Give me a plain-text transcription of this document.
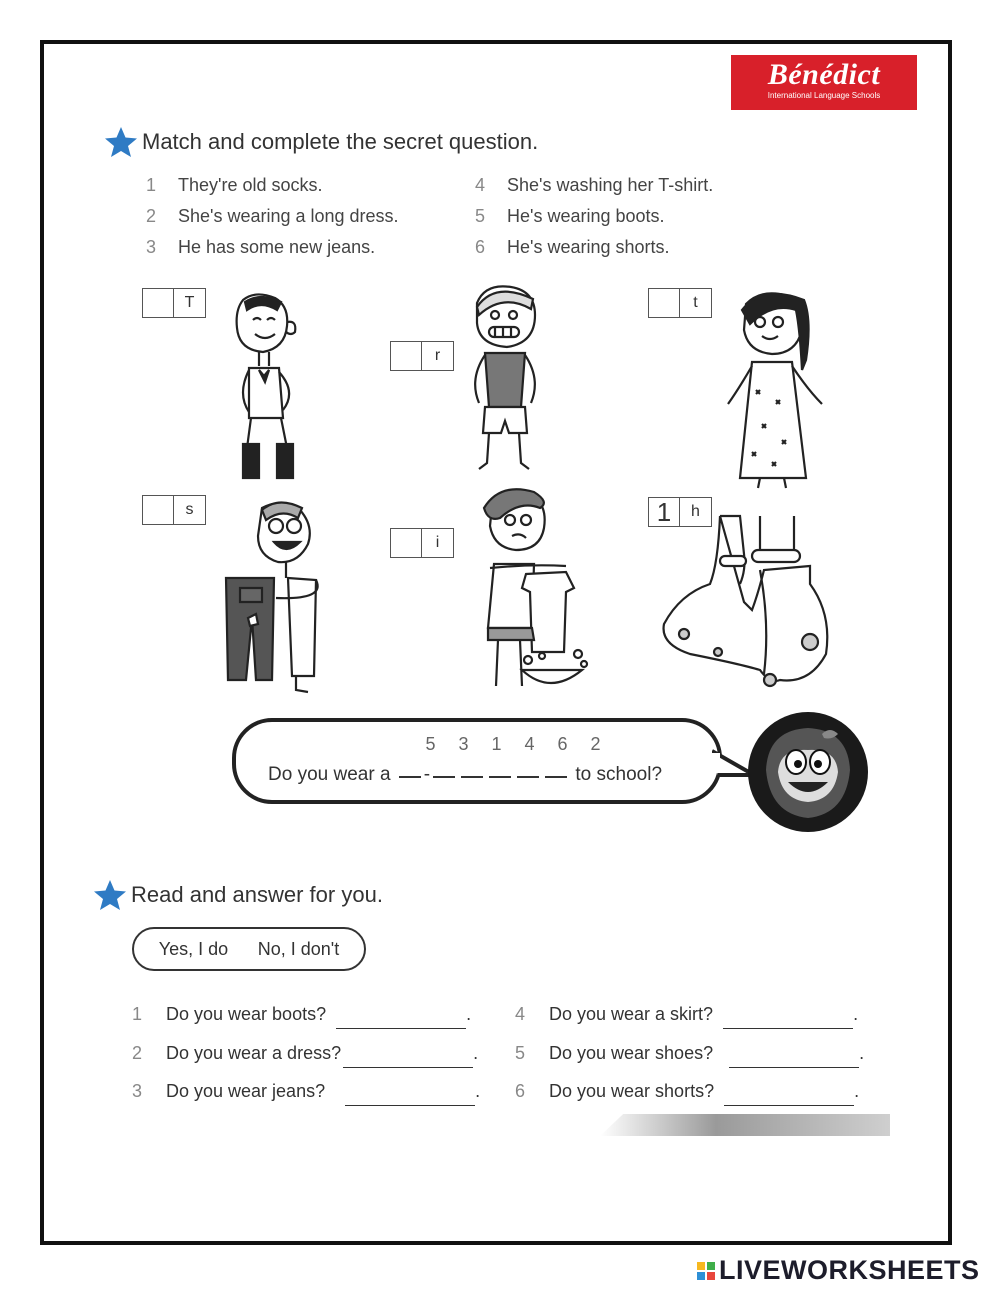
Bénédict
International Language Schools
Match and complete the secret question.
1 They're old socks.
2 She's wearing a long dress.
3 He has some new jeans.
4 She's washing her T-shirt.
5 He's wearing boots.
6 He's wearing shorts.
T
r
t
s
i
1	h
5 3 1 4 6 2
Do you wear a -	to school?
Read and answer for you.
Yes, I do No, I don't
1 Do you wear boots?	.
2 Do you wear a dress?	.
3 Do you wear jeans?	.
4 Do you wear a skirt?	.
5 Do you wear shoes?	.
6 Do you wear shorts?	.
LIVEWORKSHEETS
